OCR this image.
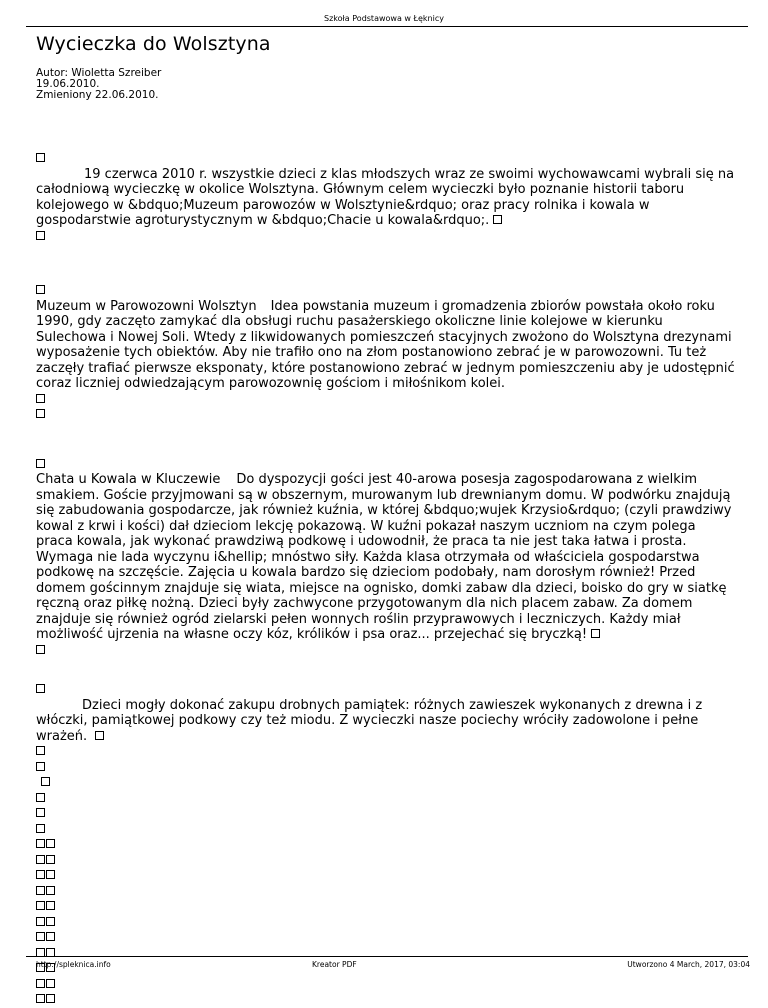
Szkoła Podstawowa w Łęknicy
Wycieczka do Wolsztyna
Autor: Wioletta Szreiber
19.06.2010.
Zmieniony 22.06.2010.

19 czerwca 2010 r. wszystkie dzieci z klas młodszych wraz ze swoimi wychowawcami wybrali się na całodniową wycieczkę w okolice Wolsztyna. Głównym celem wycieczki było poznanie historii taboru kolejowego w &bdquo;Muzeum parowozów w Wolsztynie&rdquo; oraz pracy rolnika i kowala w gospodarstwie agroturystycznym w &bdquo;Chacie u kowala&rdquo;.

Muzeum w Parowozowni Wolsztyn Idea powstania muzeum i gromadzenia zbiorów powstała około roku 1990, gdy zaczęto zamykać dla obsługi ruchu pasażerskiego okoliczne linie kolejowe w kierunku Sulechowa i Nowej Soli. Wtedy z likwidowanych pomieszczeń stacyjnych zwożono do Wolsztyna drezynami wyposażenie tych obiektów. Aby nie trafiło ono na złom postanowiono zebrać je w parowozowni. Tu też zaczęły trafiać pierwsze eksponaty, które postanowiono zebrać w jednym pomieszczeniu aby je udostępnić coraz liczniej odwiedzającym parowozownię gościom i miłośnikom kolei.

Chata u Kowala w Kluczewie Do dyspozycji gości jest 40-arowa posesja zagospodarowana z wielkim smakiem. Goście przyjmowani są w obszernym, murowanym lub drewnianym domu. W podwórku znajdują się zabudowania gospodarcze, jak również kuźnia, w której &bdquo;wujek Krzysio&rdquo; (czyli prawdziwy kowal z krwi i kości) dał dzieciom lekcję pokazową. W kuźni pokazał naszym uczniom na czym polega praca kowala, jak wykonać prawdziwą podkowę i udowodnił, że praca ta nie jest taka łatwa i prosta. Wymaga nie lada wyczynu i&hellip; mnóstwo siły. Każda klasa otrzymała od właściciela gospodarstwa podkowę na szczęście. Zajęcia u kowala bardzo się dzieciom podobały, nam dorosłym również! Przed domem gościnnym znajduje się wiata, miejsce na ognisko, domki zabaw dla dzieci, boisko do gry w siatkę ręczną oraz piłkę nożną. Dzieci były zachwycone przygotowanym dla nich placem zabaw. Za domem znajduje się również ogród zielarski pełen wonnych roślin przyprawowych i leczniczych. Każdy miał możliwość ujrzenia na własne oczy kóz, królików i psa oraz... przejechać się bryczką!

Dzieci mogły dokonać zakupu drobnych pamiątek: różnych zawieszek wykonanych z drewna i z włóczki, pamiątkowej podkowy czy też miodu. Z wycieczki nasze pociechy wróciły zadowolone i pełne wrażeń.

http://spleknica.info	Kreator PDF	Utworzono 4 March, 2017, 03:04
